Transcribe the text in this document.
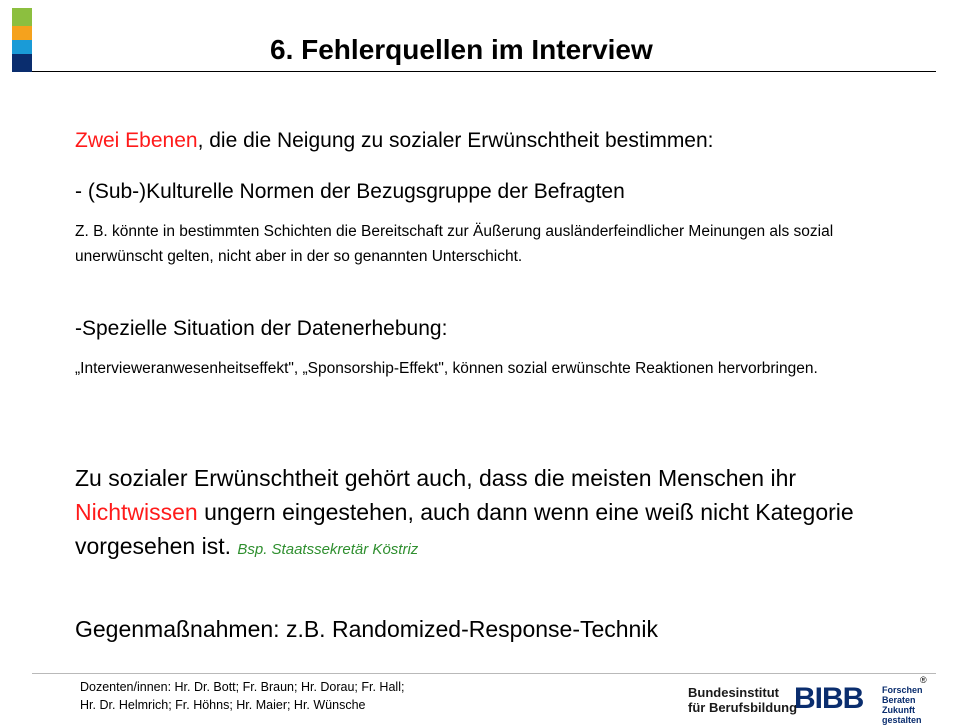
6. Fehlerquellen im Interview

Zwei Ebenen, die die Neigung zu sozialer Erwünschtheit bestimmen:

- (Sub-)Kulturelle Normen der Bezugsgruppe der Befragten

Z. B. könnte in bestimmten Schichten die Bereitschaft zur Äußerung ausländerfeindlicher Meinungen als sozial unerwünscht gelten, nicht aber in der so genannten Unterschicht.

-Spezielle Situation der Datenerhebung:

„Intervieweranwesenheitseffekt", „Sponsorship-Effekt", können sozial erwünschte Reaktionen hervorbringen.

Zu sozialer Erwünschtheit gehört auch, dass die meisten Menschen ihr Nichtwissen ungern eingestehen, auch dann wenn eine weiß nicht Kategorie vorgesehen ist. Bsp. Staatssekretär Köstriz

Gegenmaßnahmen: z.B. Randomized-Response-Technik

Dozenten/innen: Hr. Dr. Bott; Fr. Braun; Hr. Dorau; Fr. Hall;
Hr. Dr. Helmrich; Fr. Höhns; Hr. Maier; Hr. Wünsche
®
Bundesinstitut
für Berufsbildung
BIBB Forschen
Beraten
Zukunft gestalten
